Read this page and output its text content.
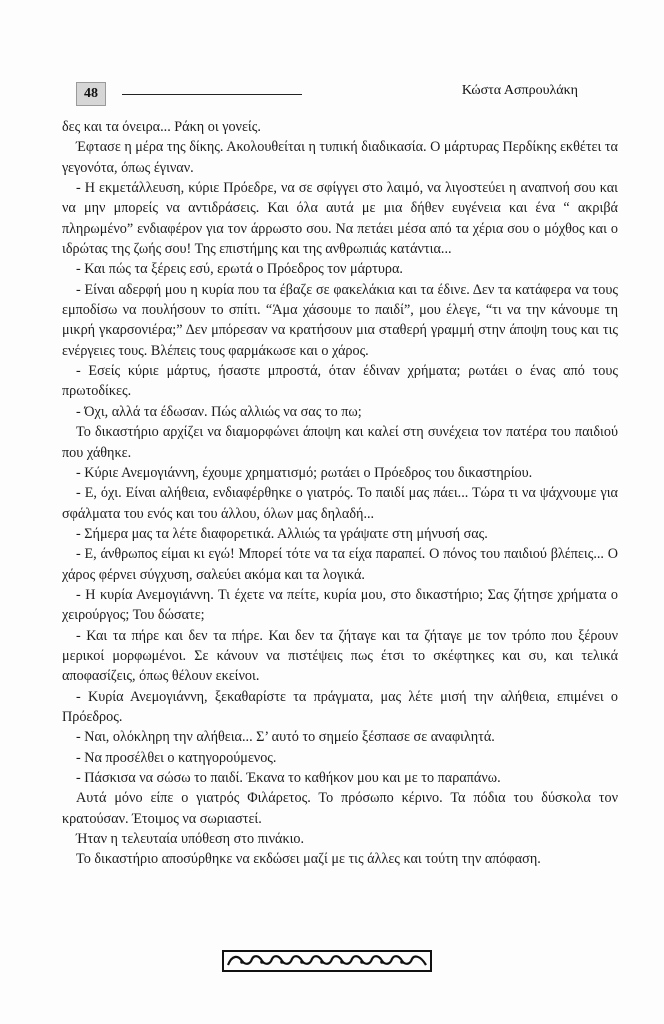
48	Κώστα Ασπρουλάκη

δες και τα όνειρα... Ράκη οι γονείς.

Έφτασε η μέρα της δίκης. Ακολουθείται η τυπική διαδικασία. Ο μάρτυρας Περδίκης εκθέτει τα γεγονότα, όπως έγιναν.

- Η εκμετάλλευση, κύριε Πρόεδρε, να σε σφίγγει στο λαιμό, να λιγοστεύει η αναπνοή σου και να μην μπορείς να αντιδράσεις. Και όλα αυτά με μια δήθεν ευγένεια και ένα “ ακριβά πληρωμένο” ενδιαφέρον για τον άρρωστο σου. Να πετάει μέσα από τα χέρια σου ο μόχθος και ο ιδρώτας της ζωής σου! Της επιστήμης και της ανθρωπιάς κατάντια...

- Και πώς τα ξέρεις εσύ, ερωτά ο Πρόεδρος τον μάρτυρα.

- Είναι αδερφή μου η κυρία που τα έβαζε σε φακελάκια και τα έδινε. Δεν τα κατάφερα να τους εμποδίσω να πουλήσουν το σπίτι. “Άμα χάσουμε το παιδί”, μου έλεγε, “τι να την κάνουμε τη μικρή γκαρσονιέρα;” Δεν μπόρεσαν να κρατήσουν μια σταθερή γραμμή στην άποψη τους και τις ενέργειες τους. Βλέπεις τους φαρμάκωσε και ο χάρος.

- Εσείς κύριε μάρτυς, ήσαστε μπροστά, όταν έδιναν χρήματα; ρωτάει ο ένας από τους πρωτοδίκες.

- Όχι, αλλά τα έδωσαν. Πώς αλλιώς να σας το πω;

Το δικαστήριο αρχίζει να διαμορφώνει άποψη και καλεί στη συνέχεια τον πατέρα του παιδιού που χάθηκε.

- Κύριε Ανεμογιάννη, έχουμε χρηματισμό; ρωτάει ο Πρόεδρος του δικαστηρίου.

- Ε, όχι. Είναι αλήθεια, ενδιαφέρθηκε ο γιατρός. Το παιδί μας πάει... Τώρα τι να ψάχνουμε για σφάλματα του ενός και του άλλου, όλων μας δηλαδή...

- Σήμερα μας τα λέτε διαφορετικά. Αλλιώς τα γράψατε στη μήνυσή σας.

- Ε, άνθρωπος είμαι κι εγώ! Μπορεί τότε να τα είχα παραπεί. Ο πόνος του παιδιού βλέπεις... Ο χάρος φέρνει σύγχυση, σαλεύει ακόμα και τα λογικά.

- Η κυρία Ανεμογιάννη. Τι έχετε να πείτε, κυρία μου, στο δικαστήριο; Σας ζήτησε χρήματα ο χειρούργος; Του δώσατε;

- Και τα πήρε και δεν τα πήρε. Και δεν τα ζήταγε και τα ζήταγε με τον τρόπο που ξέρουν μερικοί μορφωμένοι. Σε κάνουν να πιστέψεις πως έτσι το σκέφτηκες και συ, και τελικά αποφασίζεις, όπως θέλουν εκείνοι.

- Κυρία Ανεμογιάννη, ξεκαθαρίστε τα πράγματα, μας λέτε μισή την αλήθεια, επιμένει ο Πρόεδρος.

- Ναι, ολόκληρη την αλήθεια... Σ’ αυτό το σημείο ξέσπασε σε αναφιλητά.

- Να προσέλθει ο κατηγορούμενος.

- Πάσκισα να σώσω το παιδί. Έκανα το καθήκον μου και με το παραπάνω.

Αυτά μόνο είπε ο γιατρός Φιλάρετος. Το πρόσωπο κέρινο. Τα πόδια του δύσκολα τον κρατούσαν. Έτοιμος να σωριαστεί.

Ήταν η τελευταία υπόθεση στο πινάκιο.

Το δικαστήριο αποσύρθηκε να εκδώσει μαζί με τις άλλες και τούτη την απόφαση.
